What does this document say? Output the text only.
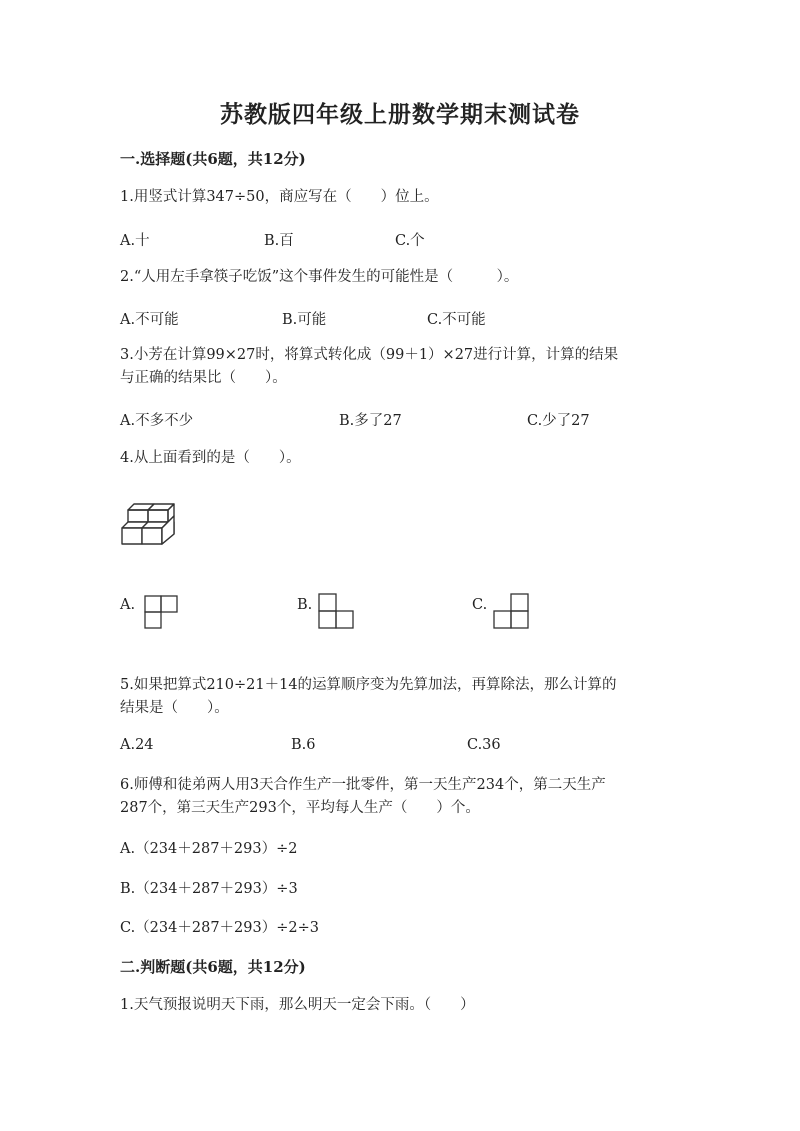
苏教版四年级上册数学期末测试卷
一.选择题(共6题，共12分)
1.用竖式计算347÷50，商应写在（　　）位上。
A.十	B.百	C.个
2.“人用左手拿筷子吃饭”这个事件发生的可能性是（　　　）。
A.不可能	B.可能	C.不可能
3.小芳在计算99×27时，将算式转化成（99＋1）×27进行计算，计算的结果
与正确的结果比（　　）。
A.不多不少	B.多了27	C.少了27
4.从上面看到的是（　　）。
A.	B.	C.
5.如果把算式210÷21＋14的运算顺序变为先算加法，再算除法，那么计算的
结果是（　　）。
A.24	B.6	C.36
6.师傅和徒弟两人用3天合作生产一批零件，第一天生产234个，第二天生产
287个，第三天生产293个，平均每人生产（　　）个。
A.（234＋287＋293）÷2
B.（234＋287＋293）÷3
C.（234＋287＋293）÷2÷3
二.判断题(共6题，共12分)
1.天气预报说明天下雨，那么明天一定会下雨。（　　）
